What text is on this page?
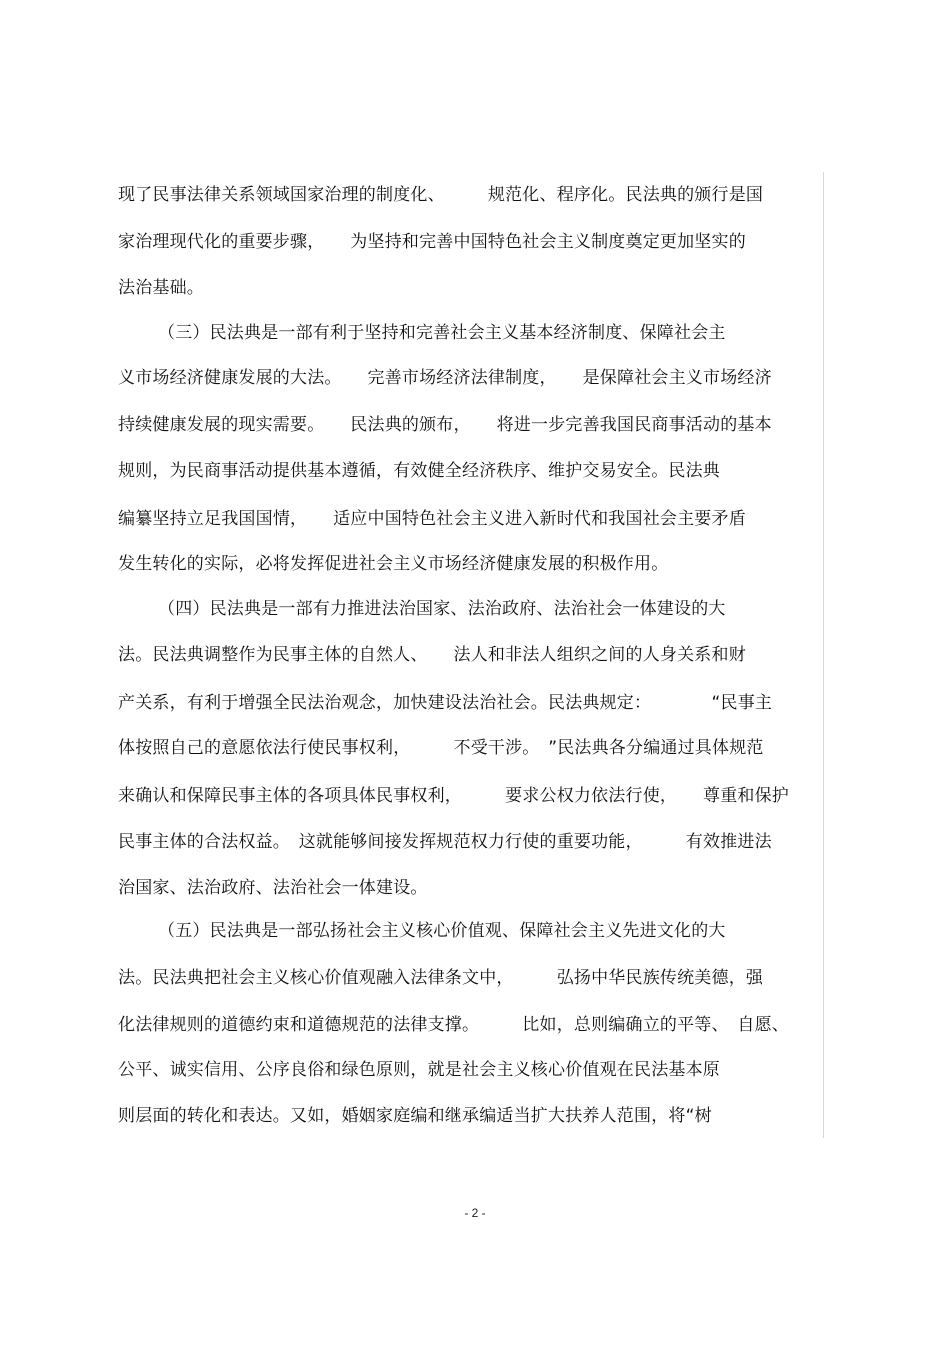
现了民事法律关系领域国家治理的制度化、　　　规范化、程序化。民法典的颁行是国
家治理现代化的重要步骤，　　为坚持和完善中国特色社会主义制度奠定更加坚实的
法治基础。
（三）民法典是一部有利于坚持和完善社会主义基本经济制度、保障社会主
义市场经济健康发展的大法。　　完善市场经济法律制度，　　是保障社会主义市场经济
持续健康发展的现实需要。　　民法典的颁布，　　将进一步完善我国民商事活动的基本
规则，为民商事活动提供基本遵循，有效健全经济秩序、维护交易安全。民法典
编纂坚持立足我国国情，　　适应中国特色社会主义进入新时代和我国社会主要矛盾
发生转化的实际，必将发挥促进社会主义市场经济健康发展的积极作用。
（四）民法典是一部有力推进法治国家、法治政府、法治社会一体建设的大
法。民法典调整作为民事主体的自然人、　　法人和非法人组织之间的人身关系和财
产关系，有利于增强全民法治观念，加快建设法治社会。民法典规定：　　　　“民事主
体按照自己的意愿依法行使民事权利，　　　不受干涉。　”民法典各分编通过具体规范
来确认和保障民事主体的各项具体民事权利，　　　要求公权力依法行使，　　尊重和保护
民事主体的合法权益。　这就能够间接发挥规范权力行使的重要功能，　　　有效推进法
治国家、法治政府、法治社会一体建设。
（五）民法典是一部弘扬社会主义核心价值观、保障社会主义先进文化的大
法。民法典把社会主义核心价值观融入法律条文中，　　　弘扬中华民族传统美德，强
化法律规则的道德约束和道德规范的法律支撑。　　　比如，总则编确立的平等、　自愿、
公平、诚实信用、公序良俗和绿色原则，就是社会主义核心价值观在民法基本原
则层面的转化和表达。又如，婚姻家庭编和继承编适当扩大扶养人范围，将“树
- 2 -
